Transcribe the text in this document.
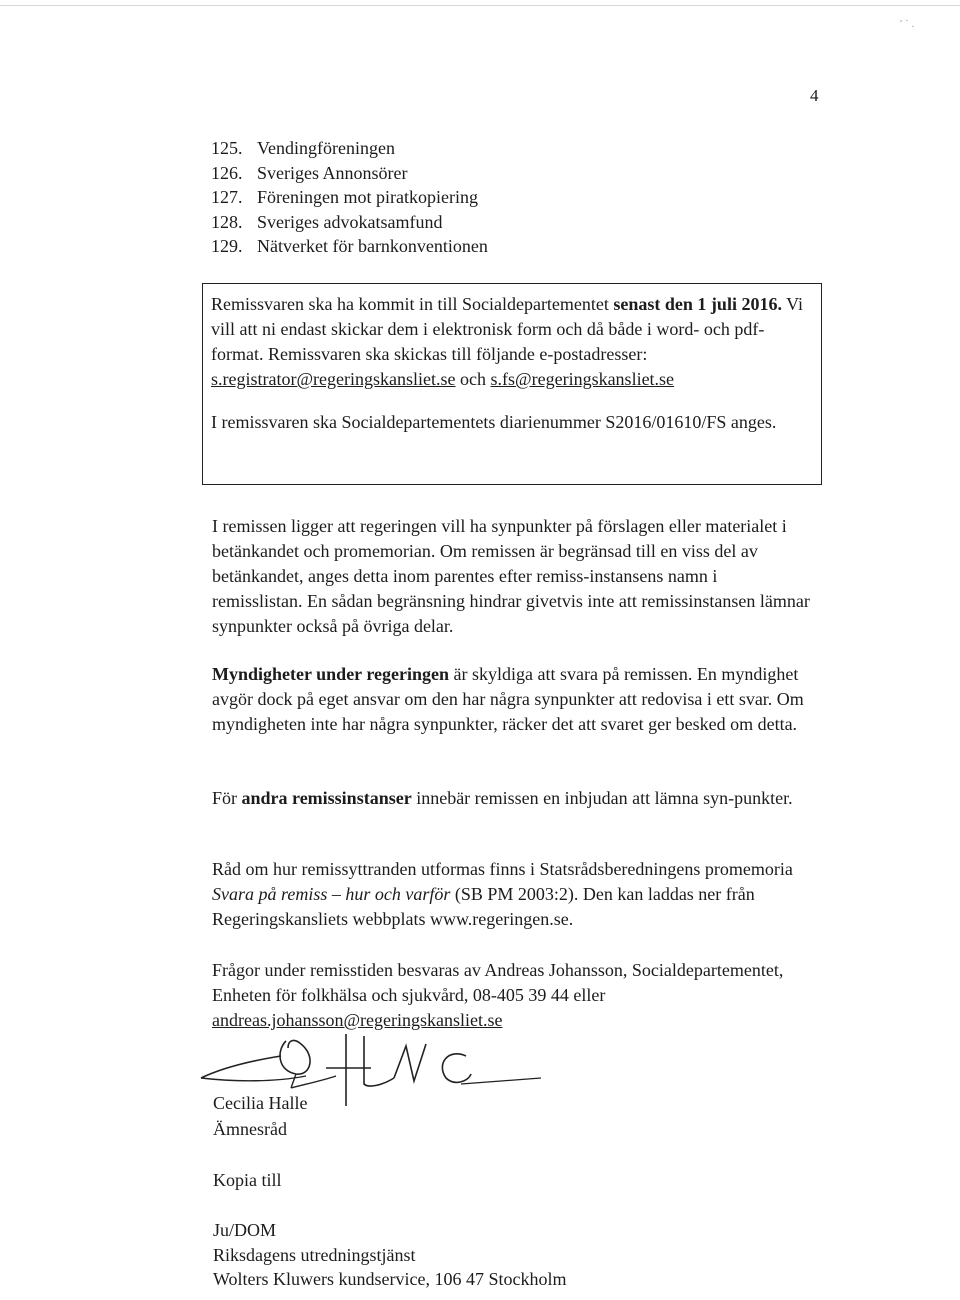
′ ˙ .
4
125. Vendingföreningen
126. Sveriges Annonsörer
127. Föreningen mot piratkopiering
128. Sveriges advokatsamfund
129. Nätverket för barnkonventionen

Remissvaren ska ha kommit in till Socialdepartementet senast den 1 juli 2016. Vi vill att ni endast skickar dem i elektronisk form och då både i word- och pdf-format. Remissvaren ska skickas till följande e-postadresser:
s.registrator@regeringskansliet.se och s.fs@regeringskansliet.se

I remissvaren ska Socialdepartementets diarienummer S2016/01610/FS anges.

I remissen ligger att regeringen vill ha synpunkter på förslagen eller materialet i betänkandet och promemorian. Om remissen är begränsad till en viss del av betänkandet, anges detta inom parentes efter remiss-instansens namn i remisslistan. En sådan begränsning hindrar givetvis inte att remissinstansen lämnar synpunkter också på övriga delar.

Myndigheter under regeringen är skyldiga att svara på remissen. En myndighet avgör dock på eget ansvar om den har några synpunkter att redovisa i ett svar. Om myndigheten inte har några synpunkter, räcker det att svaret ger besked om detta.

För andra remissinstanser innebär remissen en inbjudan att lämna syn-punkter.

Råd om hur remissyttranden utformas finns i Statsrådsberedningens promemoria Svara på remiss – hur och varför (SB PM 2003:2). Den kan laddas ner från Regeringskansliets webbplats www.regeringen.se.

Frågor under remisstiden besvaras av Andreas Johansson, Socialdepartementet, Enheten för folkhälsa och sjukvård, 08-405 39 44 eller andreas.johansson@regeringskansliet.se

Cecilia Halle
Ämnesråd

Kopia till

Ju/DOM
Riksdagens utredningstjänst
Wolters Kluwers kundservice, 106 47 Stockholm
